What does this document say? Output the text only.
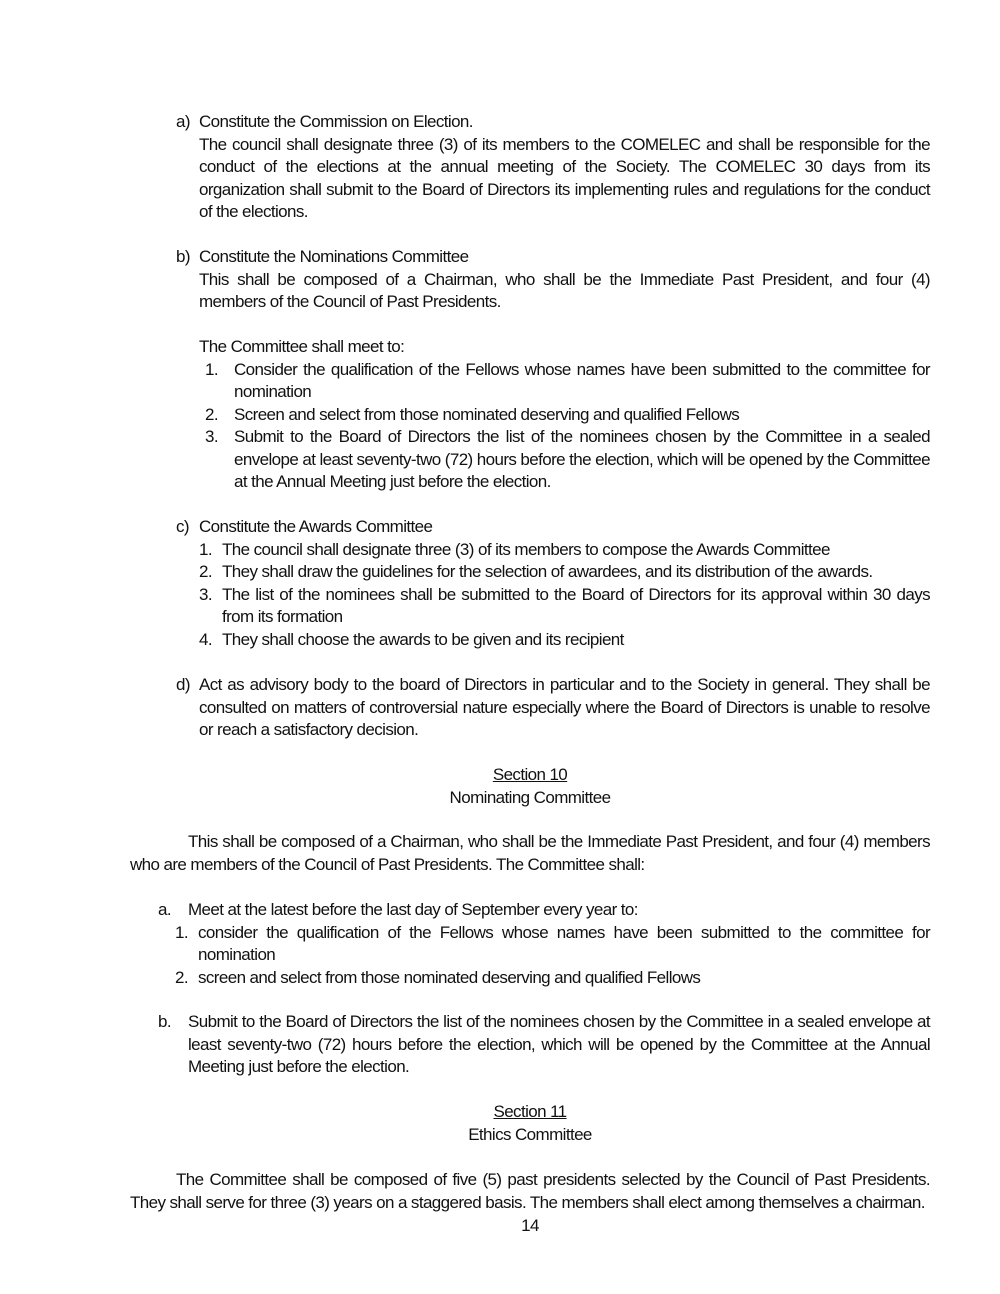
a) Constitute the Commission on Election.

The council shall designate three (3) of its members to the COMELEC and shall be responsible for the conduct of the elections at the annual meeting of the Society. The COMELEC 30 days from its organization shall submit to the Board of Directors its implementing rules and regulations for the conduct of the elections.

b) Constitute the Nominations Committee

This shall be composed of a Chairman, who shall be the Immediate Past President, and four (4) members of the Council of Past Presidents.

The Committee shall meet to:

1. Consider the qualification of the Fellows whose names have been submitted to the committee for nomination
2. Screen and select from those nominated deserving and qualified Fellows
3. Submit to the Board of Directors the list of the nominees chosen by the Committee in a sealed envelope at least seventy-two (72) hours before the election, which will be opened by the Committee at the Annual Meeting just before the election.
c) Constitute the Awards Committee

1. The council shall designate three (3) of its members to compose the Awards Committee
2. They shall draw the guidelines for the selection of awardees, and its distribution of the awards.
3. The list of the nominees shall be submitted to the Board of Directors for its approval within 30 days from its formation
4. They shall choose the awards to be given and its recipient
d) Act as advisory body to the board of Directors in particular and to the Society in general. They shall be consulted on matters of controversial nature especially where the Board of Directors is unable to resolve or reach a satisfactory decision.

Section 10
Nominating Committee

This shall be composed of a Chairman, who shall be the Immediate Past President, and four (4) members who are members of the Council of Past Presidents. The Committee shall:

a. Meet at the latest before the last day of September every year to:

1. consider the qualification of the Fellows whose names have been submitted to the committee for nomination
2. screen and select from those nominated deserving and qualified Fellows
b. Submit to the Board of Directors the list of the nominees chosen by the Committee in a sealed envelope at least seventy-two (72) hours before the election, which will be opened by the Committee at the Annual Meeting just before the election.

Section 11
Ethics Committee

The Committee shall be composed of five (5) past presidents selected by the Council of Past Presidents. They shall serve for three (3) years on a staggered basis. The members shall elect among themselves a chairman.

14
